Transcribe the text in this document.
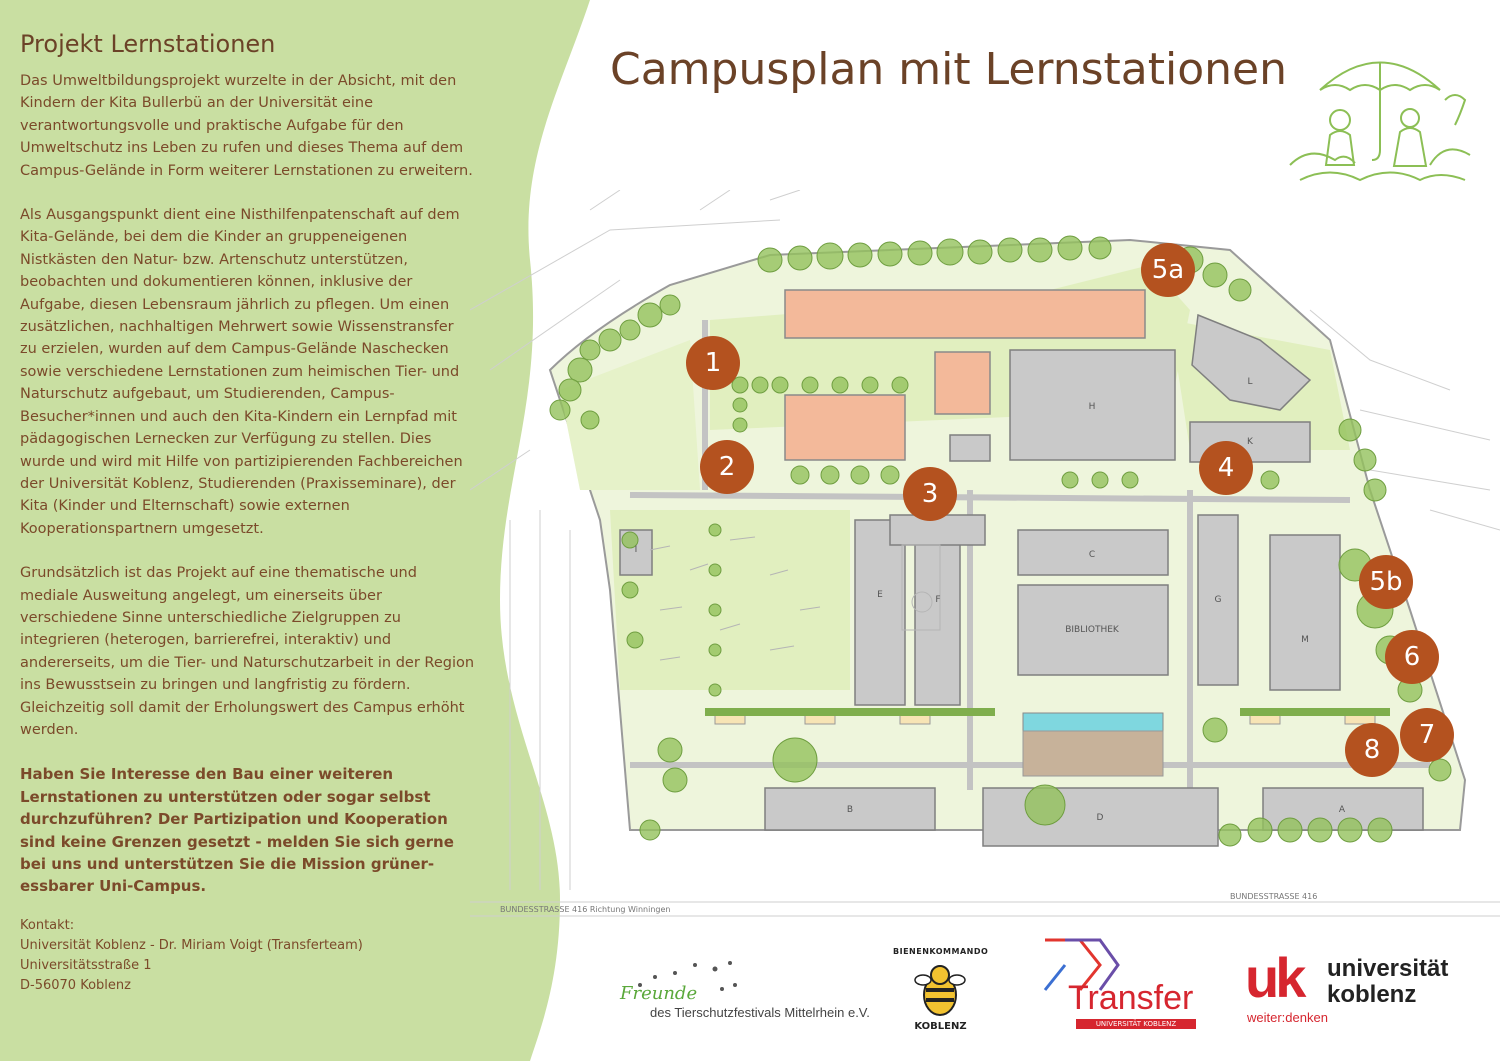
Projekt Lernstationen

Das Umweltbildungsprojekt wurzelte in der Absicht, mit den Kindern der Kita Bullerbü an der Universität eine verantwortungsvolle und praktische Aufgabe für den Umweltschutz ins Leben zu rufen und dieses Thema auf dem Campus-Gelände in Form weiterer Lernstationen zu erweitern.

Als Ausgangspunkt dient eine Nisthilfenpatenschaft auf dem Kita-Gelände, bei dem die Kinder an gruppeneigenen Nistkästen den Natur- bzw. Artenschutz unterstützen, beobachten und dokumentieren können, inklusive der Aufgabe, diesen Lebensraum jährlich zu pflegen. Um einen zusätzlichen, nachhaltigen Mehrwert sowie Wissenstransfer zu erzielen, wurden auf dem Campus-Gelände Naschecken sowie verschiedene Lernstationen zum heimischen Tier- und Naturschutz aufgebaut, um Studierenden, Campus-Besucher*innen und auch den Kita-Kindern ein Lernpfad mit pädagogischen Lernecken zur Verfügung zu stellen. Dies wurde und wird mit Hilfe von partizipierenden Fachbereichen der Universität Koblenz, Studierenden (Praxisseminare), der Kita (Kinder und Elternschaft) sowie externen Kooperationspartnern umgesetzt.

Grundsätzlich ist das Projekt auf eine thematische und mediale Ausweitung angelegt, um einerseits über verschiedene Sinne unterschiedliche Zielgruppen zu integrieren (heterogen, barrierefrei, interaktiv) und andererseits, um die Tier- und Naturschutzarbeit in der Region ins Bewusstsein zu bringen und langfristig zu fördern. Gleichzeitig soll damit der Erholungswert des Campus erhöht werden.

Haben Sie Interesse den Bau einer weiteren Lernstationen zu unterstützen oder sogar selbst durchzuführen? Der Partizipation und Kooperation sind keine Grenzen gesetzt - melden Sie sich gerne bei uns und unterstützen Sie die Mission grüner-essbarer Uni-Campus.

Kontakt:
Universität Koblenz - Dr. Miriam Voigt (Transferteam)
Universitätsstraße 1
D-56070 Koblenz
Campusplan mit Lernstationen
H
L
K
C
BIBLIOTHEK
G
M
E	F
I
B
D
A
BUNDESSTRASSE 416 Richtung Winningen
BUNDESSTRASSE 416
1
2
3
4
5a
5b
6
7
8
Freunde
des Tierschutzfestivals Mittelrhein e.V.
BIENENKOMMANDO
KOBLENZ
Transfer
UNIVERSITÄT KOBLENZ
uk universität
koblenz
weiter:denken
